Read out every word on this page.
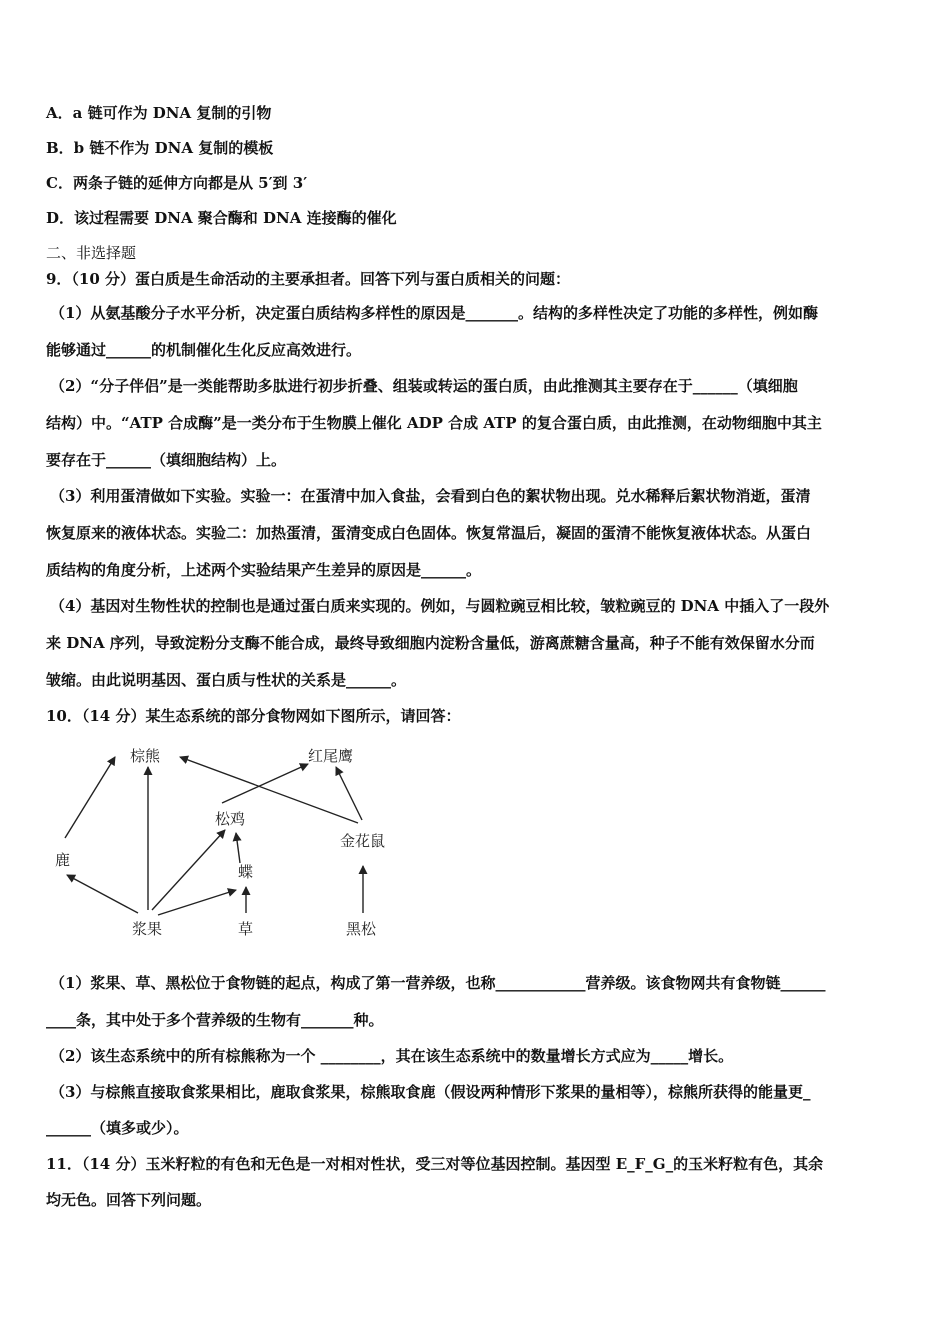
A．a 链可作为 DNA 复制的引物
B．b 链不作为 DNA 复制的模板
C．两条子链的延伸方向都是从 5′到 3′
D．该过程需要 DNA 聚合酶和 DNA 连接酶的催化
二、非选择题
9．（10 分）蛋白质是生命活动的主要承担者。回答下列与蛋白质相关的问题：
（1）从氨基酸分子水平分析，决定蛋白质结构多样性的原因是_______。结构的多样性决定了功能的多样性，例如酶
能够通过______的机制催化生化反应高效进行。
（2）“分子伴侣”是一类能帮助多肽进行初步折叠、组装或转运的蛋白质，由此推测其主要存在于______（填细胞
结构）中。“ATP 合成酶”是一类分布于生物膜上催化 ADP 合成 ATP 的复合蛋白质，由此推测，在动物细胞中其主
要存在于______（填细胞结构）上。
（3）利用蛋清做如下实验。实验一：在蛋清中加入食盐，会看到白色的絮状物出现。兑水稀释后絮状物消逝，蛋清
恢复原来的液体状态。实验二：加热蛋清，蛋清变成白色固体。恢复常温后，凝固的蛋清不能恢复液体状态。从蛋白
质结构的角度分析，上述两个实验结果产生差异的原因是______。
（4）基因对生物性状的控制也是通过蛋白质来实现的。例如，与圆粒豌豆相比较，皱粒豌豆的 DNA 中插入了一段外
来 DNA 序列，导致淀粉分支酶不能合成，最终导致细胞内淀粉含量低，游离蔗糖含量高，种子不能有效保留水分而
皱缩。由此说明基因、蛋白质与性状的关系是______。
10．（14 分）某生态系统的部分食物网如下图所示，请回答：
棕熊	红尾鹰
松鸡
金花鼠
鹿
蝶
浆果	草	黑松
（1）浆果、草、黑松位于食物链的起点，构成了第一营养级，也称____________营养级。该食物网共有食物链______
____条，其中处于多个营养级的生物有_______种。
（2）该生态系统中的所有棕熊称为一个 ________，其在该生态系统中的数量增长方式应为_____增长。
（3）与棕熊直接取食浆果相比，鹿取食浆果，棕熊取食鹿（假设两种情形下浆果的量相等），棕熊所获得的能量更_
______（填多或少）。
11．（14 分）玉米籽粒的有色和无色是一对相对性状，受三对等位基因控制。基因型 E_F_G_的玉米籽粒有色，其余
均无色。回答下列问题。
